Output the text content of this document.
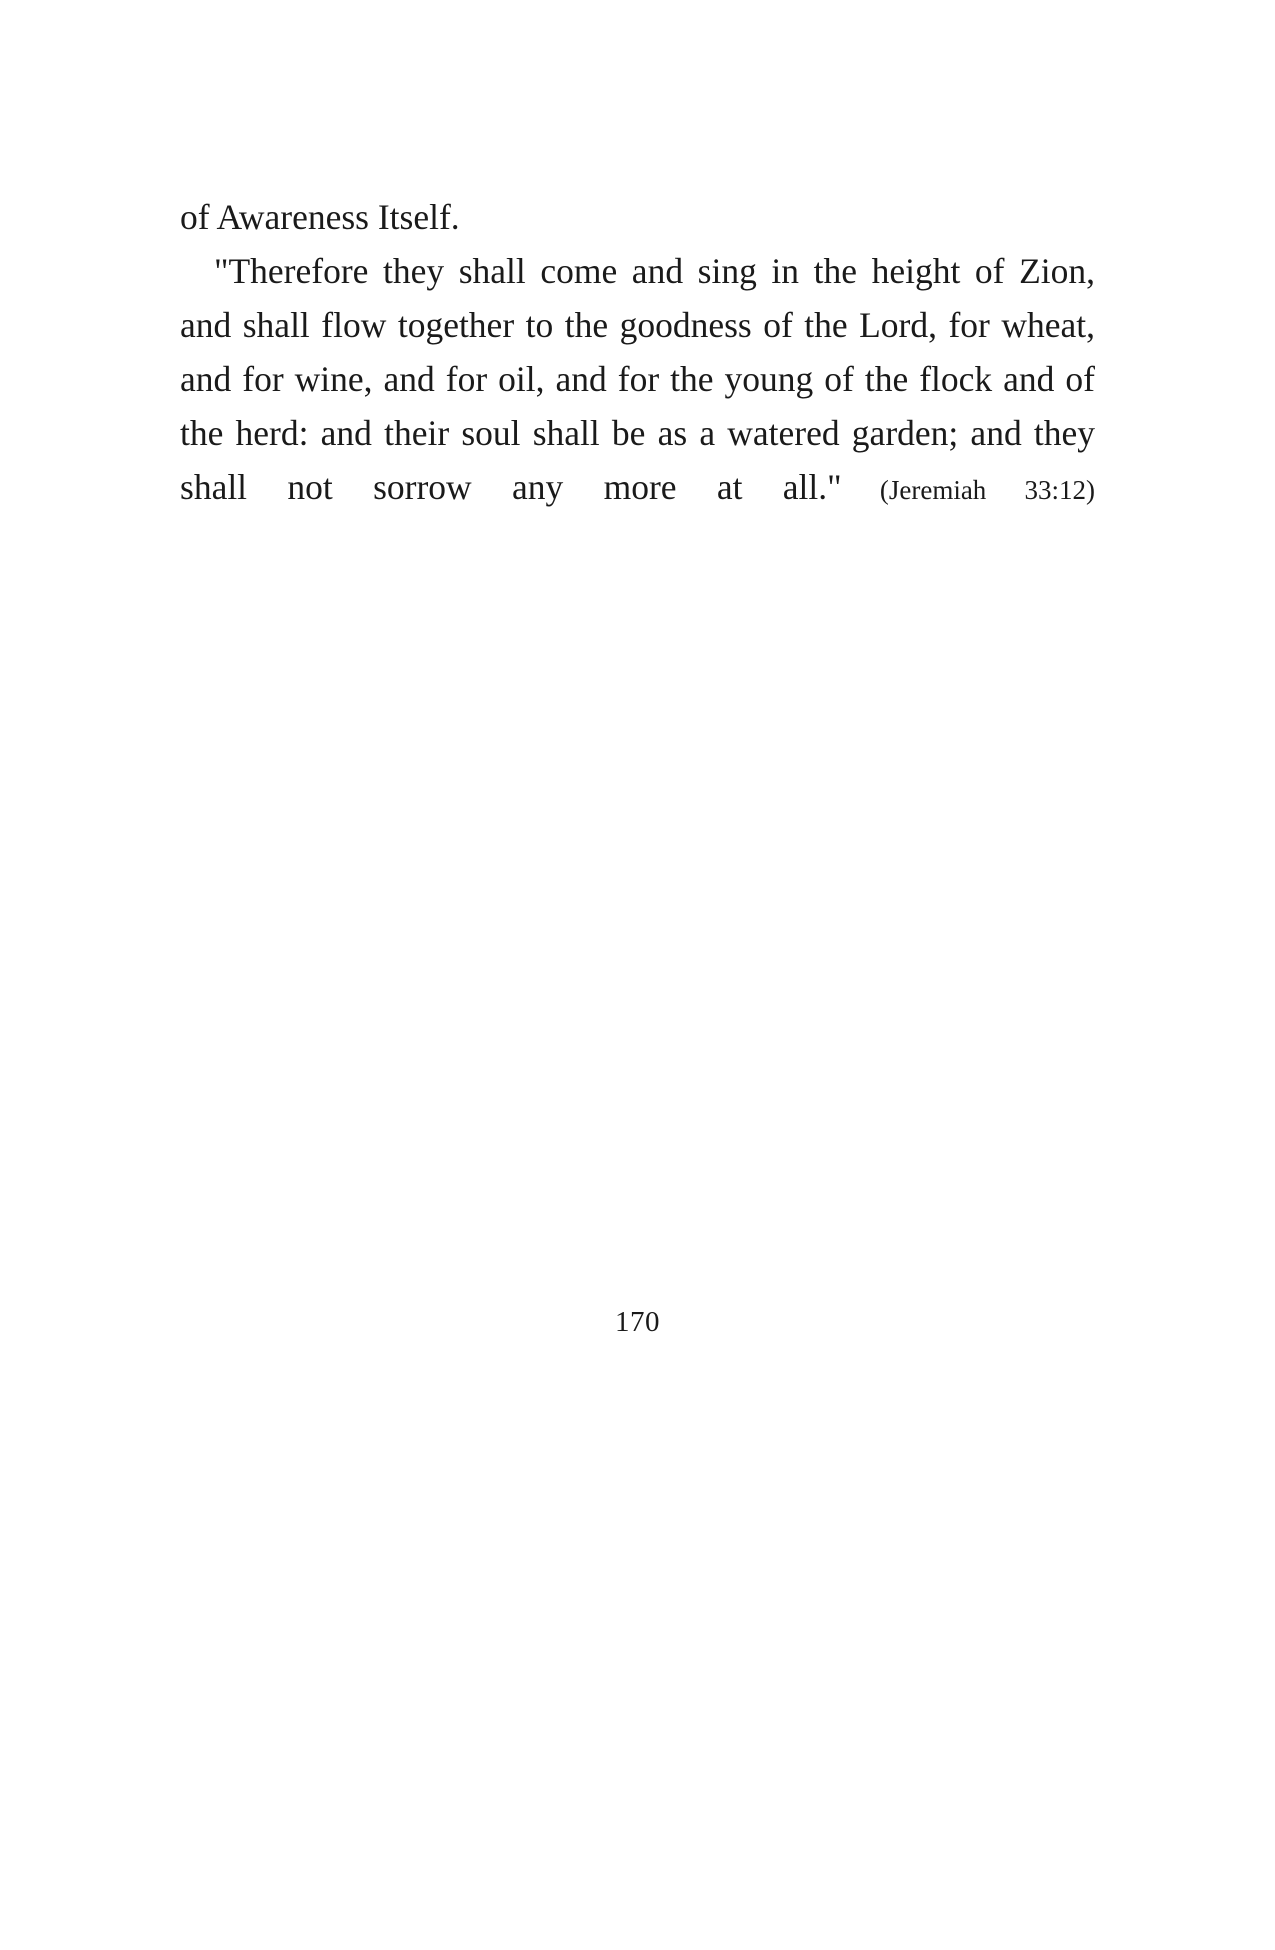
of Awareness Itself.

"Therefore they shall come and sing in the height of Zion, and shall flow together to the goodness of the Lord, for wheat, and for wine, and for oil, and for the young of the flock and of the herd: and their soul shall be as a watered garden; and they shall not sorrow any more at all." (Jeremiah 33:12)

170
